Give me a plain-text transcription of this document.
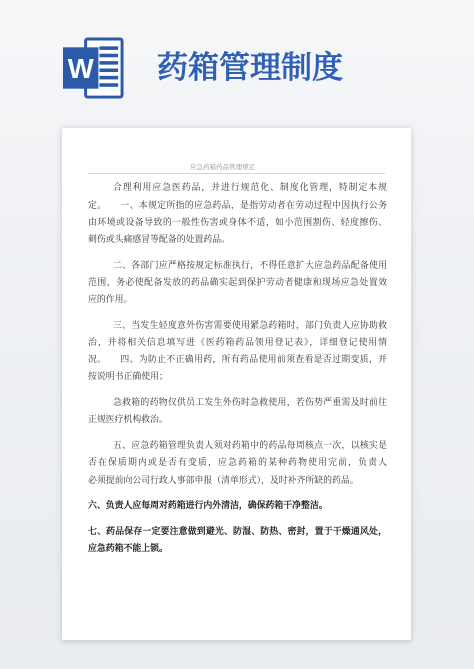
W 药箱管理制度
应急药箱药品管理规定
合理利用应急医药品，并进行规范化、制度化管理，特制定本规
定。　　一、本规定所指的应急药品，是指劳动者在劳动过程中因执行公务
由环境或设备导致的一般性伤害或身体不适，如小范围割伤、轻度擦伤、
刺伤或头痛感冒等配备的处置药品。
二、各部门应严格按规定标准执行，不得任意扩大应急药品配备使用
范围，务必使配备发放的药品确实起到保护劳动者健康和现场应急处置效
应的作用。
三、当发生轻度意外伤害需要使用紧急药箱时，部门负责人应协助救
治，并将相关信息填写进《医药箱药品领用登记表》，详细登记使用情
况。　　四、为防止不正确用药，所有药品使用前须查看是否过期变质，并
按说明书正确使用；
急救箱的药物仅供员工发生外伤时急救使用，若伤势严重需及时前往
正规医疗机构救治。
五、应急药箱管理负责人须对药箱中的药品每周核点一次，以核实是
否在保质期内或是否有变质，应急药箱的某种药物使用完前，负责人
必须提前向公司行政人事部申报（清单形式），及时补齐所缺的药品。
六、负责人应每周对药箱进行内外清洁，确保药箱干净整洁。
七、药品保存一定要注意做到避光、防湿、防热、密封，置于干燥通风处，
应急药箱不能上锁。
